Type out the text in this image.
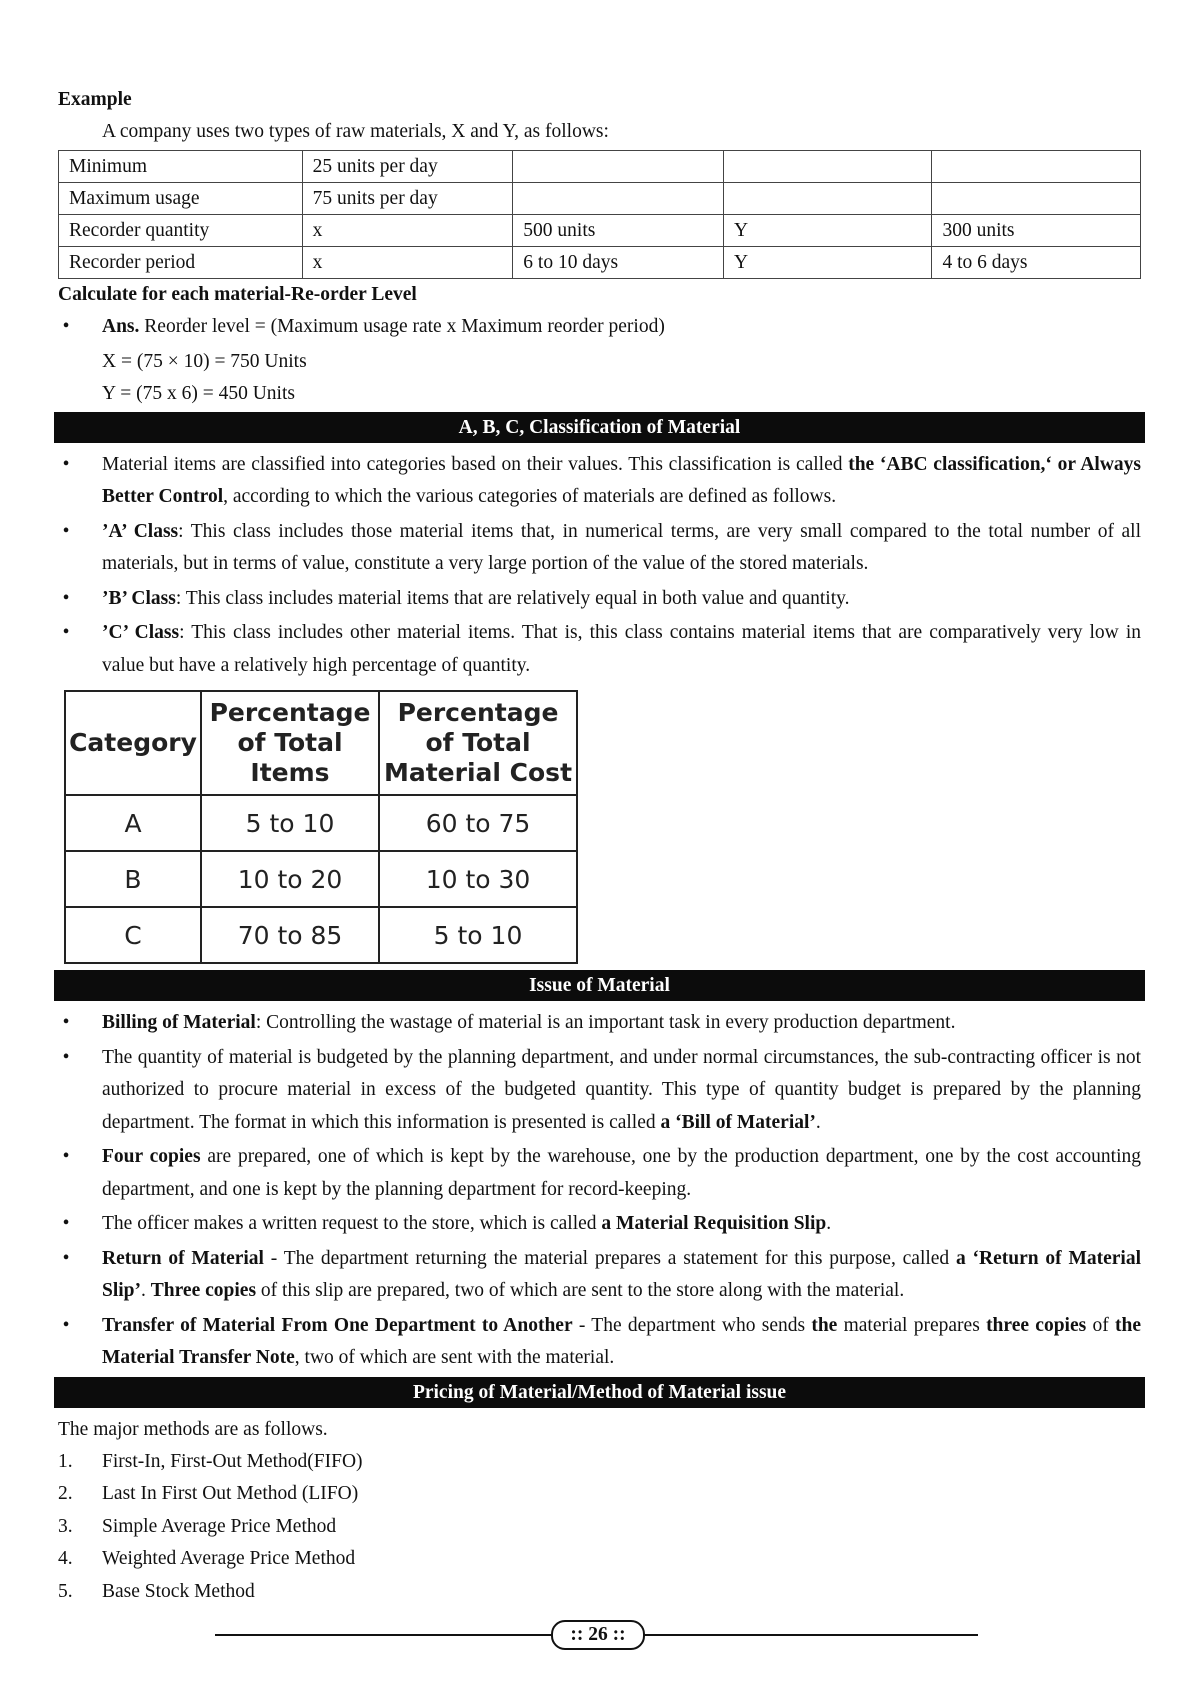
Example
A company uses two types of raw materials, X and Y, as follows:
Minimum	25 units per day			
Maximum usage	75 units per day			
Recorder quantity	x	500 units	Y	300 units
Recorder period	x	6 to 10 days	Y	4 to 6 days
Calculate for each material-Re-order Level
• Ans. Reorder level = (Maximum usage rate x Maximum reorder period)
X = (75 × 10) = 750 Units
Y = (75 x 6) = 450 Units
A, B, C, Classification of Material
• Material items are classified into categories based on their values. This classification is called the ‘ABC classification,‘ or Always Better Control, according to which the various categories of materials are defined as follows.
• ’A’ Class: This class includes those material items that, in numerical terms, are very small compared to the total number of all materials, but in terms of value, constitute a very large portion of the value of the stored materials.
• ’B’ Class: This class includes material items that are relatively equal in both value and quantity.
• ’C’ Class: This class includes other material items. That is, this class contains material items that are comparatively very low in value but have a relatively high percentage of quantity.
Category	Percentage of Total Items	Percentage of Total Material Cost
A	5 to 10	60 to 75
B	10 to 20	10 to 30
C	70 to 85	5 to 10
Issue of Material
• Billing of Material: Controlling the wastage of material is an important task in every production department.
• The quantity of material is budgeted by the planning department, and under normal circumstances, the sub-contracting officer is not authorized to procure material in excess of the budgeted quantity. This type of quantity budget is prepared by the planning department. The format in which this information is presented is called a ‘Bill of Material’.
• Four copies are prepared, one of which is kept by the warehouse, one by the production department, one by the cost accounting department, and one is kept by the planning department for record-keeping.
• The officer makes a written request to the store, which is called a Material Requisition Slip.
• Return of Material - The department returning the material prepares a statement for this purpose, called a ‘Return of Material Slip’. Three copies of this slip are prepared, two of which are sent to the store along with the material.
• Transfer of Material From One Department to Another - The department who sends the material prepares three copies of the Material Transfer Note, two of which are sent with the material.
Pricing of Material/Method of Material issue
The major methods are as follows.
1. First-In, First-Out Method(FIFO)
2. Last In First Out Method (LIFO)
3. Simple Average Price Method
4. Weighted Average Price Method
5. Base Stock Method
:: 26 ::
